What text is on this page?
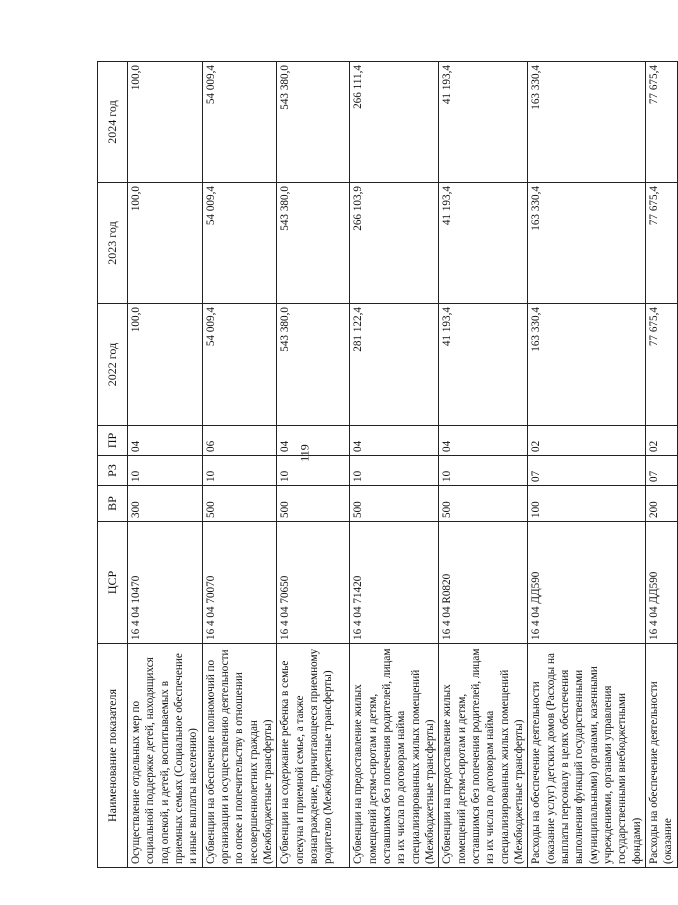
119
Наименование показателя	ЦСР	ВР	РЗ	ПР	2022 год	2023 год	2024 год
Осуществление отдельных мер по социальной поддержке детей, находящихся под опекой, и детей, воспитываемых в приемных семьях (Социальное обеспечение и иные выплаты населению)	16 4 04 10470	300	10	04	100,0	100,0	100,0
Субвенции на обеспечение полномочий по организации и осуществлению деятельности по опеке и попечительству в отношении несовершеннолетних граждан (Межбюджетные трансферты)	16 4 04 70070	500	10	06	54 009,4	54 009,4	54 009,4
Субвенции на содержание ребенка в семье опекуна и приемной семье, а также вознаграждение, причитающееся приемному родителю (Межбюджетные трансферты)	16 4 04 70650	500	10	04	543 380,0	543 380,0	543 380,0
Субвенции на предоставление жилых помещений детям-сиротам и детям, оставшимся без попечения родителей, лицам из их числа по договорам найма специализированных жилых помещений (Межбюджетные трансферты)	16 4 04 71420	500	10	04	281 122,4	266 103,9	266 111,4
Субвенции на предоставление жилых помещений детям-сиротам и детям, оставшимся без попечения родителей, лицам из их числа по договорам найма специализированных жилых помещений (Межбюджетные трансферты)	16 4 04 R0820	500	10	04	41 193,4	41 193,4	41 193,4
Расходы на обеспечение деятельности (оказание услуг) детских домов (Расходы на выплаты персоналу в целях обеспечения выполнения функций государственными (муниципальными) органами, казенными учреждениями, органами управления государственными внебюджетными фондами)	16 4 04 ДД590	100	07	02	163 330,4	163 330,4	163 330,4
Расходы на обеспечение деятельности (оказание	16 4 04 ДД590	200	07	02	77 675,4	77 675,4	77 675,4
